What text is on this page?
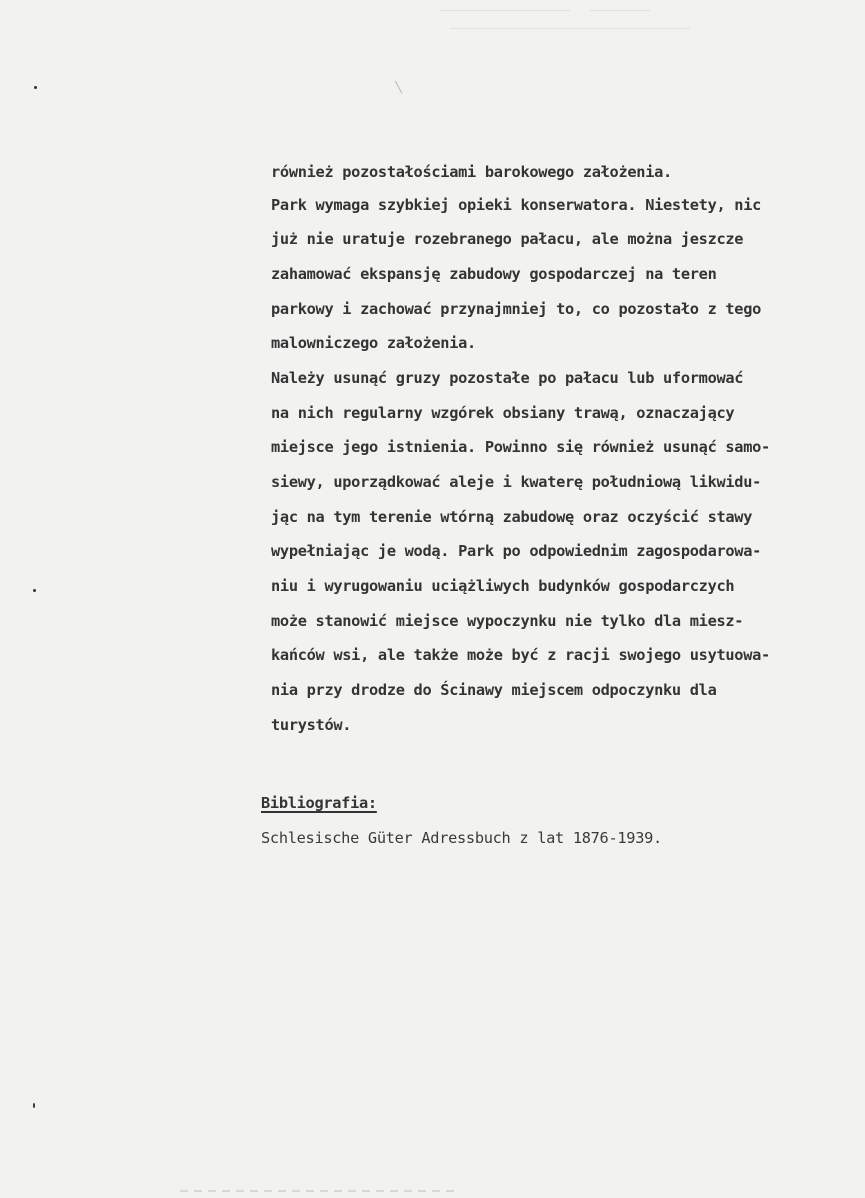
również pozostałościami barokowego założenia.

Park wymaga szybkiej opieki konserwatora. Niestety, nic

już nie uratuje rozebranego pałacu, ale można jeszcze

zahamować ekspansję zabudowy gospodarczej na teren

parkowy i zachować przynajmniej to, co pozostało z tego

malowniczego założenia.

Należy usunąć gruzy pozostałe po pałacu lub uformować

na nich regularny wzgórek obsiany trawą, oznaczający

miejsce jego istnienia. Powinno się również usunąć samo-

siewy, uporządkować aleje i kwaterę południową likwidu-

jąc na tym terenie wtórną zabudowę oraz oczyścić stawy

wypełniając je wodą. Park po odpowiednim zagospodarowa-

niu i wyrugowaniu uciążliwych budynków gospodarczych

może stanowić miejsce wypoczynku nie tylko dla miesz-

kańców wsi, ale także może być z racji swojego usytuowa-

nia przy drodze do Ścinawy miejscem odpoczynku dla

turystów.

Bibliografia:

Schlesische Güter Adressbuch z lat 1876-1939.
